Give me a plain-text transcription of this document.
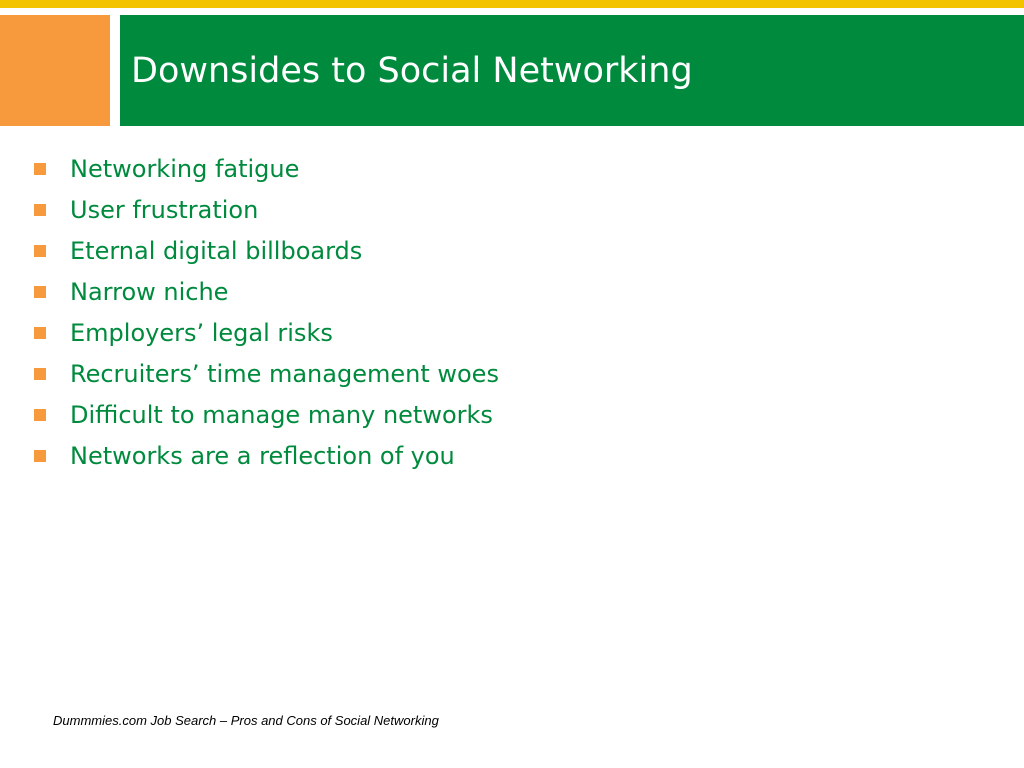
Downsides to Social Networking
Networking fatigue
User frustration
Eternal digital billboards
Narrow niche
Employers’ legal risks
Recruiters’ time management woes
Difficult to manage many networks
Networks are a reflection of you
Dummmies.com Job Search – Pros and Cons of Social Networking
